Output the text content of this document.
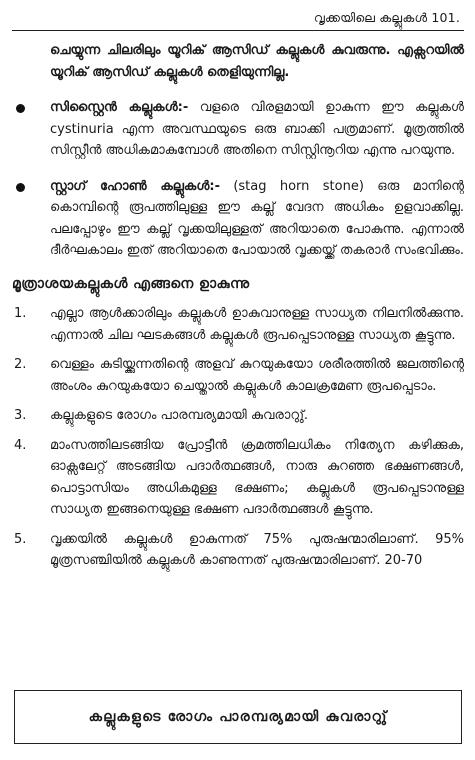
വൃക്കയിലെ കല്ലുകൾ 101.

ചെയ്യുന്ന ചിലരിലും യൂറിക് ആസിഡ് കല്ലുകൾ കുവരുന്നു. എക്സറയിൽ യൂറിക് ആസിഡ് കല്ലുകൾ തെളിയുന്നില്ല.

സിസ്റ്റൈൻ കല്ലുകൾ:- വളരെ വിരളമായി ഉാകുന്ന ഈ കല്ലുകൾ cystinuria എന്ന അവസ്ഥയുടെ ഒരു ബാക്കി പത്രമാണ്. മൂത്രത്തിൽ സിസ്റ്റീൻ അധികമാകുമ്പോൾ അതിനെ സിസ്റ്റിനൂറിയ എന്നു പറയുന്നു.
സ്റ്റാഗ് ഹോൺ കല്ലുകൾ:- (stag horn stone) ഒരു മാനിന്റെ കൊമ്പിന്റെ രൂപത്തിലുള്ള ഈ കല്ല് വേദന അധികം ഉളവാക്കില്ല. പലപ്പോഴും ഈ കല്ല് വൃക്കയിലുള്ളത് അറിയാതെ പോകുന്നു. എന്നാൽ ദീർഘകാലം ഇത് അറിയാതെ പോയാൽ വൃക്കയ്ക്ക് തകരാർ സംഭവിക്കും.
മൂത്രാശയകല്ലുകൾ എങ്ങനെ ഉാകുന്നു
1. എല്ലാ ആൾക്കാരിലും കല്ലുകൾ ഉാകുവാനുള്ള സാധ്യത നിലനിൽക്കുന്നു. എന്നാൽ ചില ഘടകങ്ങൾ കല്ലുകൾ രൂപപ്പെടാനുള്ള സാധ്യത കൂട്ടുന്നു.
2. വെള്ളം കുടിയ്ക്കുന്നതിന്റെ അളവ് കുറയുകയോ ശരീരത്തിൽ ജലത്തിന്റെ അംശം കുറയുകയോ ചെയ്താൽ കല്ലുകൾ കാലക്രമേണ രൂപപ്പെടാം.
3. കല്ലുകളുടെ രോഗം പാരമ്പര്യമായി കുവരാറുു്.
4. മാംസത്തിലടങ്ങിയ പ്രോട്ടീൻ ക്രമത്തിലധികം നിത്യേന കഴിക്കുക, ഓക്സലേറ്റ് അടങ്ങിയ പദാർത്ഥങ്ങൾ, നാരു കുറഞ്ഞ ഭക്ഷണങ്ങൾ, പൊട്ടാസിയം അധികമുള്ള ഭക്ഷണം; കല്ലുകൾ രൂപപ്പെടാനുള്ള സാധ്യത ഇങ്ങനെയുള്ള ഭക്ഷണ പദാർത്ഥങ്ങൾ കൂട്ടുന്നു.
5. വൃക്കയിൽ കല്ലുകൾ ഉാകുന്നത് 75% പുരുഷന്മാരിലാണ്. 95% മൂത്രസഞ്ചിയിൽ കല്ലുകൾ കാണുന്നത് പുരുഷന്മാരിലാണ്. 20-70
കല്ലുകളുടെ രോഗം പാരമ്പര്യമായി കുവരാറുു്
